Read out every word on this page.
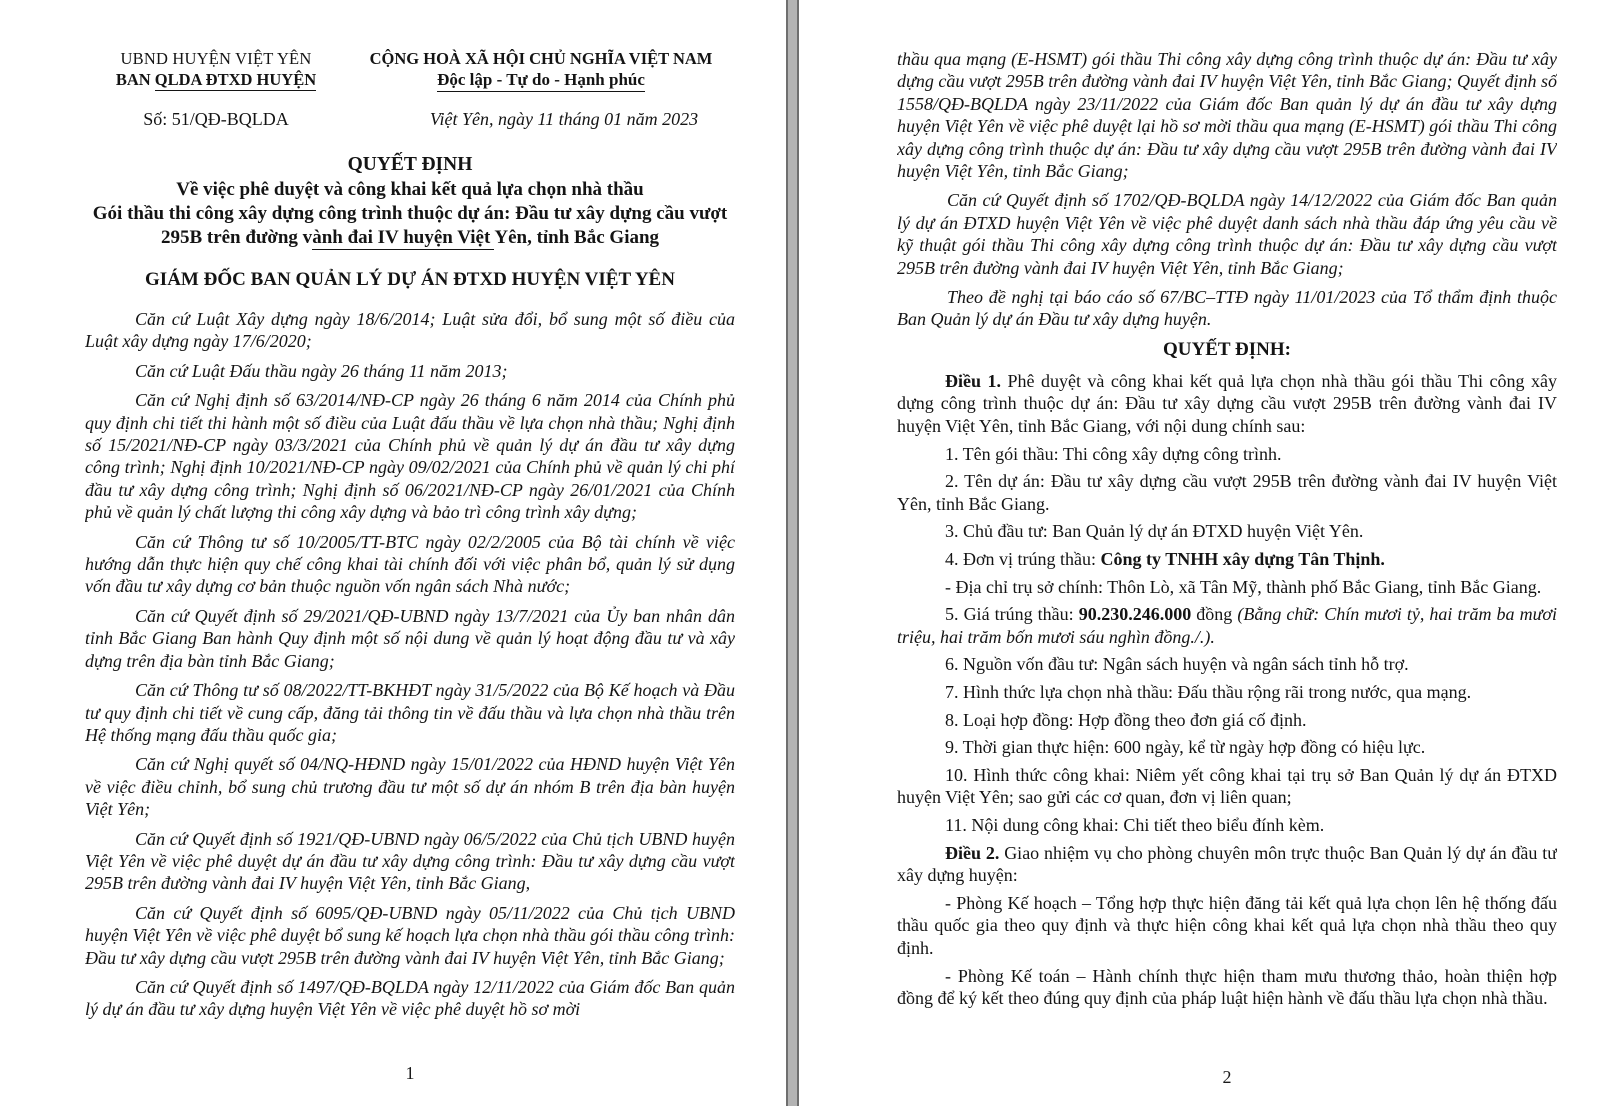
UBND HUYỆN VIỆT YÊN
BAN QLDA ĐTXD HUYỆN
CỘNG HOÀ XÃ HỘI CHỦ NGHĨA VIỆT NAM
Độc lập - Tự do - Hạnh phúc
Số: 51/QĐ-BQLDA	Việt Yên, ngày 11 tháng 01 năm 2023
QUYẾT ĐỊNH
Về việc phê duyệt và công khai kết quả lựa chọn nhà thầu
Gói thầu thi công xây dựng công trình thuộc dự án: Đầu tư xây dựng cầu vượt
295B trên đường vành đai IV huyện Việt Yên, tỉnh Bắc Giang
GIÁM ĐỐC BAN QUẢN LÝ DỰ ÁN ĐTXD HUYỆN VIỆT YÊN

Căn cứ Luật Xây dựng ngày 18/6/2014; Luật sửa đổi, bổ sung một số điều của Luật xây dựng ngày 17/6/2020;

Căn cứ Luật Đấu thầu ngày 26 tháng 11 năm 2013;

Căn cứ Nghị định số 63/2014/NĐ-CP ngày 26 tháng 6 năm 2014 của Chính phủ quy định chi tiết thi hành một số điều của Luật đấu thầu về lựa chọn nhà thầu; Nghị định số 15/2021/NĐ-CP ngày 03/3/2021 của Chính phủ về quản lý dự án đầu tư xây dựng công trình; Nghị định 10/2021/NĐ-CP ngày 09/02/2021 của Chính phủ về quản lý chi phí đầu tư xây dựng công trình; Nghị định số 06/2021/NĐ-CP ngày 26/01/2021 của Chính phủ về quản lý chất lượng thi công xây dựng và bảo trì công trình xây dựng;

Căn cứ Thông tư số 10/2005/TT-BTC ngày 02/2/2005 của Bộ tài chính về việc hướng dẫn thực hiện quy chế công khai tài chính đối với việc phân bổ, quản lý sử dụng vốn đầu tư xây dựng cơ bản thuộc nguồn vốn ngân sách Nhà nước;

Căn cứ Quyết định số 29/2021/QĐ-UBND ngày 13/7/2021 của Ủy ban nhân dân tỉnh Bắc Giang Ban hành Quy định một số nội dung về quản lý hoạt động đầu tư và xây dựng trên địa bàn tỉnh Bắc Giang;

Căn cứ Thông tư số 08/2022/TT-BKHĐT ngày 31/5/2022 của Bộ Kế hoạch và Đầu tư quy định chi tiết về cung cấp, đăng tải thông tin về đấu thầu và lựa chọn nhà thầu trên Hệ thống mạng đấu thầu quốc gia;

Căn cứ Nghị quyết số 04/NQ-HĐND ngày 15/01/2022 của HĐND huyện Việt Yên về việc điều chỉnh, bổ sung chủ trương đầu tư một số dự án nhóm B trên địa bàn huyện Việt Yên;

Căn cứ Quyết định số 1921/QĐ-UBND ngày 06/5/2022 của Chủ tịch UBND huyện Việt Yên về việc phê duyệt dự án đầu tư xây dựng công trình: Đầu tư xây dựng cầu vượt 295B trên đường vành đai IV huyện Việt Yên, tỉnh Bắc Giang,

Căn cứ Quyết định số 6095/QĐ-UBND ngày 05/11/2022 của Chủ tịch UBND huyện Việt Yên về việc phê duyệt bổ sung kế hoạch lựa chọn nhà thầu gói thầu công trình: Đầu tư xây dựng cầu vượt 295B trên đường vành đai IV huyện Việt Yên, tỉnh Bắc Giang;

Căn cứ Quyết định số 1497/QĐ-BQLDA ngày 12/11/2022 của Giám đốc Ban quản lý dự án đầu tư xây dựng huyện Việt Yên về việc phê duyệt hồ sơ mời

1

thầu qua mạng (E-HSMT) gói thầu Thi công xây dựng công trình thuộc dự án: Đầu tư xây dựng cầu vượt 295B trên đường vành đai IV huyện Việt Yên, tỉnh Bắc Giang; Quyết định số 1558/QĐ-BQLDA ngày 23/11/2022 của Giám đốc Ban quản lý dự án đầu tư xây dựng huyện Việt Yên về việc phê duyệt lại hồ sơ mời thầu qua mạng (E-HSMT) gói thầu Thi công xây dựng công trình thuộc dự án: Đầu tư xây dựng cầu vượt 295B trên đường vành đai IV huyện Việt Yên, tỉnh Bắc Giang;

Căn cứ Quyết định số 1702/QĐ-BQLDA ngày 14/12/2022 của Giám đốc Ban quản lý dự án ĐTXD huyện Việt Yên về việc phê duyệt danh sách nhà thầu đáp ứng yêu cầu về kỹ thuật gói thầu Thi công xây dựng công trình thuộc dự án: Đầu tư xây dựng cầu vượt 295B trên đường vành đai IV huyện Việt Yên, tỉnh Bắc Giang;

Theo đề nghị tại báo cáo số 67/BC–TTĐ ngày 11/01/2023 của Tổ thẩm định thuộc Ban Quản lý dự án Đầu tư xây dựng huyện.

QUYẾT ĐỊNH:

Điều 1. Phê duyệt và công khai kết quả lựa chọn nhà thầu gói thầu Thi công xây dựng công trình thuộc dự án: Đầu tư xây dựng cầu vượt 295B trên đường vành đai IV huyện Việt Yên, tỉnh Bắc Giang, với nội dung chính sau:

1. Tên gói thầu: Thi công xây dựng công trình.

2. Tên dự án: Đầu tư xây dựng cầu vượt 295B trên đường vành đai IV huyện Việt Yên, tỉnh Bắc Giang.

3. Chủ đầu tư: Ban Quản lý dự án ĐTXD huyện Việt Yên.

4. Đơn vị trúng thầu: Công ty TNHH xây dựng Tân Thịnh.

- Địa chỉ trụ sở chính: Thôn Lò, xã Tân Mỹ, thành phố Bắc Giang, tỉnh Bắc Giang.

5. Giá trúng thầu: 90.230.246.000 đồng (Bằng chữ: Chín mươi tỷ, hai trăm ba mươi triệu, hai trăm bốn mươi sáu nghìn đồng./.).

6. Nguồn vốn đầu tư: Ngân sách huyện và ngân sách tỉnh hỗ trợ.

7. Hình thức lựa chọn nhà thầu: Đấu thầu rộng rãi trong nước, qua mạng.

8. Loại hợp đồng: Hợp đồng theo đơn giá cố định.

9. Thời gian thực hiện: 600 ngày, kể từ ngày hợp đồng có hiệu lực.

10. Hình thức công khai: Niêm yết công khai tại trụ sở Ban Quản lý dự án ĐTXD huyện Việt Yên; sao gửi các cơ quan, đơn vị liên quan;

11. Nội dung công khai: Chi tiết theo biểu đính kèm.

Điều 2. Giao nhiệm vụ cho phòng chuyên môn trực thuộc Ban Quản lý dự án đầu tư xây dựng huyện:

- Phòng Kế hoạch – Tổng hợp thực hiện đăng tải kết quả lựa chọn lên hệ thống đấu thầu quốc gia theo quy định và thực hiện công khai kết quả lựa chọn nhà thầu theo quy định.

- Phòng Kế toán – Hành chính thực hiện tham mưu thương thảo, hoàn thiện hợp đồng để ký kết theo đúng quy định của pháp luật hiện hành về đấu thầu lựa chọn nhà thầu.

2
